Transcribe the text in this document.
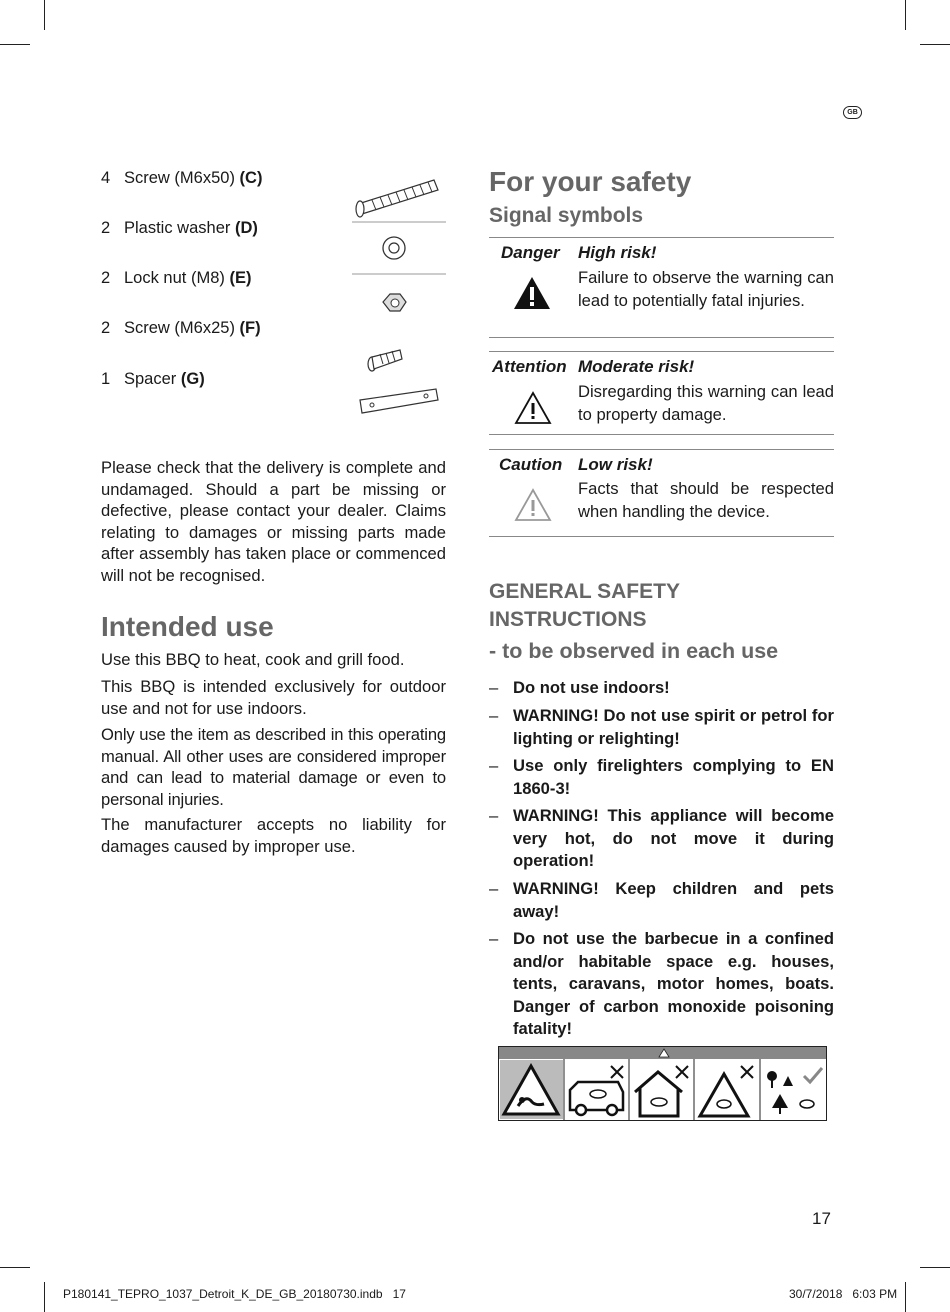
GB
4 Screw (M6x50) (C)
2 Plastic washer (D)
2 Lock nut (M8) (E)
2 Screw (M6x25) (F)
1 Spacer (G)

Please check that the delivery is complete and undamaged. Should a part be missing or defective, please contact your dealer. Claims relating to damages or missing parts made after assembly has taken place or commenced will not be recognised.

Intended use

Use this BBQ to heat, cook and grill food.

This BBQ is intended exclusively for outdoor use and not for use indoors.

Only use the item as described in this operating manual. All other uses are considered improper and can lead to material damage or even to personal injuries.

The manufacturer accepts no liability for damages caused by improper use.

For your safety
Signal symbols
Danger High risk!
Failure to observe the warning can lead to potentially fatal injuries.
Attention Moderate risk!
Disregarding this warning can lead to property damage.
Caution Low risk!
Facts that should be respected when handling the device.
GENERAL SAFETY
INSTRUCTIONS
- to be observed in each use
– Do not use indoors!
– WARNING! Do not use spirit or petrol for lighting or relighting!
– Use only firelighters complying to EN 1860-3!
– WARNING! This appliance will become very hot, do not move it during operation!
– WARNING! Keep children and pets away!
– Do not use the barbecue in a confined and/or habitable space e.g. houses, tents, caravans, motor homes, boats. Danger of carbon monoxide poisoning fatality!
17
P180141_TEPRO_1037_Detroit_K_DE_GB_20180730.indb   17	30/7/2018   6:03 PM
